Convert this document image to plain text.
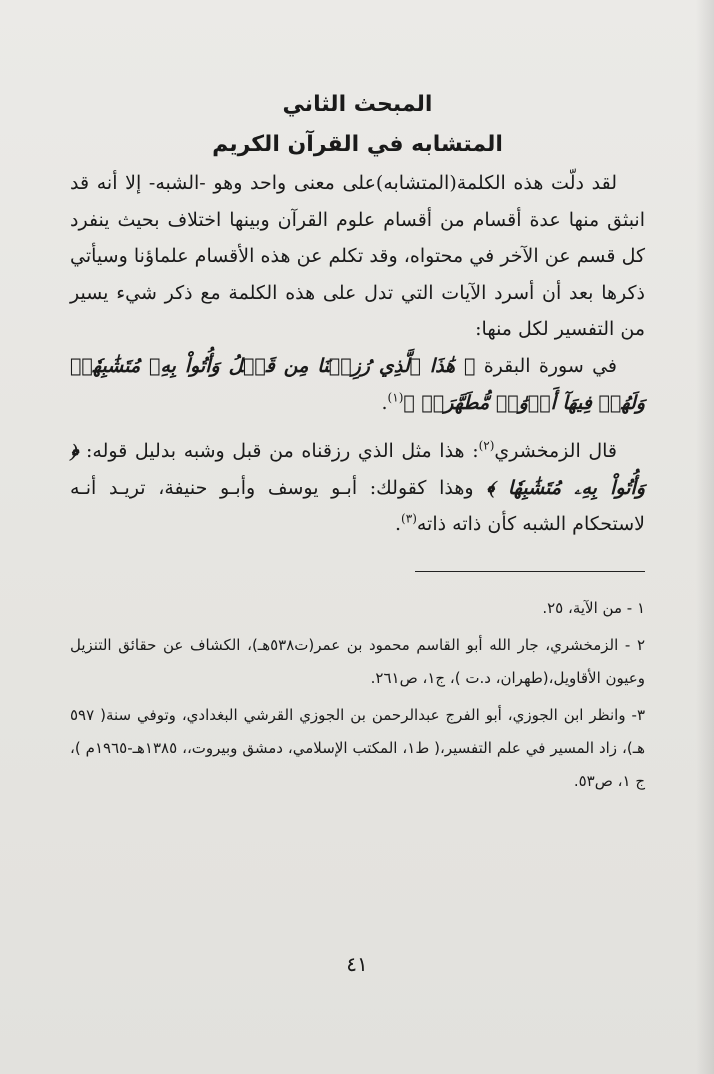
المبحث الثاني
المتشابه في القرآن الكريم

لقد دلّت هذه الكلمة(المتشابه)على معنى واحد وهو -الشبه- إلا أنه قد انبثق منها عدة أقسام من أقسام علوم القرآن وبينها اختلاف بحيث ينفرد كل قسم عن الآخر في محتواه، وقد تكلم عن هذه الأقسام علماؤنا وسيأتي ذكرها بعد أن أسرد الآيات التي تدل على هذه الكلمة مع ذكر شيء يسير من التفسير لكل منها:

في سورة البقرة ﴿ هَٰذَا ٱلَّذِي رُزِقۡنَا مِن قَبۡلُ وَأُتُواْ بِهِۦ مُتَشَٰبِهٗاۖ وَلَهُمۡ فِيهَآ أَزۡوَٰجٞ مُّطَهَّرَةٞ ﴾$^{(١)}$.

قال الزمخشري$^{(٢)}$: هذا مثل الذي رزقناه من قبل وشبه بدليل قوله: ﴿ وَأُتُواْ بِهِۦ مُتَشَٰبِهٗا ﴾ وهذا كقولك: أبـو يوسف وأبـو حنيفة، تريـد أنـه لاستحكام الشبه كأن ذاته ذاته$^{(٣)}$.

١ - من الآية، ٢٥.

٢ - الزمخشري، جار الله أبو القاسم محمود بن عمر(ت٥٣٨هـ)، الكشاف عن حقائق التنزيل وعيون الأقاويل،(طهران، د.ت )، ج١، ص٢٦١.

٣- وانظر ابن الجوزي، أبو الفرج عبدالرحمن بن الجوزي القرشي البغدادي، وتوفي سنة( ٥٩٧ هـ)، زاد المسير في علم التفسير،( ط١، المكتب الإسلامي، دمشق وبيروت،، ١٣٨٥هـ-١٩٦٥م )، ج ١، ص٥٣.

٤١
